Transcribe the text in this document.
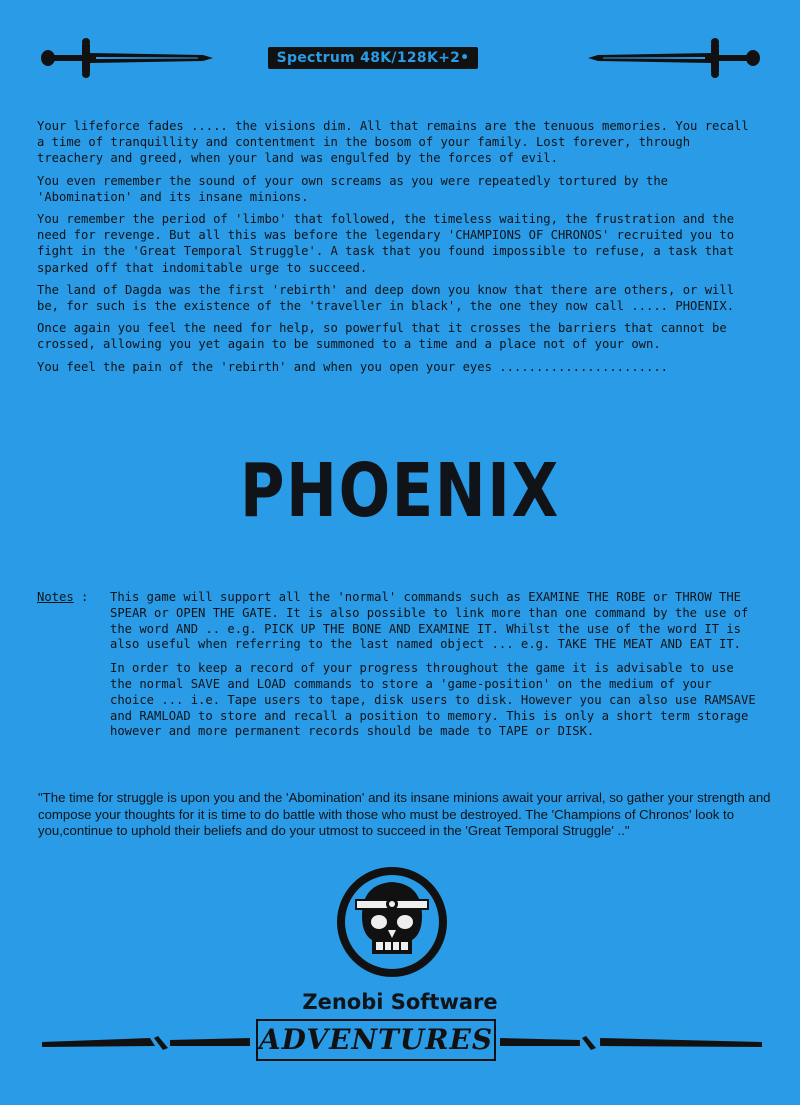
Spectrum 48K/128K+2•

Your lifeforce fades ..... the visions dim. All that remains are the tenuous memories. You recall a time of tranquillity and contentment in the bosom of your family. Lost forever, through treachery and greed, when your land was engulfed by the forces of evil.

You even remember the sound of your own screams as you were repeatedly tortured by the 'Abomination' and its insane minions.

You remember the period of 'limbo' that followed, the timeless waiting, the frustration and the need for revenge. But all this was before the legendary 'CHAMPIONS OF CHRONOS' recruited you to fight in the 'Great Temporal Struggle'. A task that you found impossible to refuse, a task that sparked off that indomitable urge to succeed.

The land of Dagda was the first 'rebirth' and deep down you know that there are others, or will be, for such is the existence of the 'traveller in black', the one they now call ..... PHOENIX.

Once again you feel the need for help, so powerful that it crosses the barriers that cannot be crossed, allowing you yet again to be summoned to a time and a place not of your own.

You feel the pain of the 'rebirth' and when you open your eyes .......................

PHOENIX
Notes : This game will support all the 'normal' commands such as EXAMINE THE ROBE or THROW THE SPEAR or OPEN THE GATE. It is also possible to link more than one command by the use of the word AND .. e.g. PICK UP THE BONE AND EXAMINE IT. Whilst the use of the word IT is also useful when referring to the last named object ... e.g. TAKE THE MEAT AND EAT IT.

In order to keep a record of your progress throughout the game it is advisable to use the normal SAVE and LOAD commands to store a 'game-position' on the medium of your choice ... i.e. Tape users to tape, disk users to disk. However you can also use RAMSAVE and RAMLOAD to store and recall a position to memory. This is only a short term storage however and more permanent records should be made to TAPE or DISK.

"The time for struggle is upon you and the 'Abomination' and its insane minions await your arrival, so gather your strength and compose your thoughts for it is time to do battle with those who must be destroyed. The 'Champions of Chronos' look to you,continue to uphold their beliefs and do your utmost to succeed in the 'Great Temporal Struggle' .."
Zenobi Software
ADVENTURES
